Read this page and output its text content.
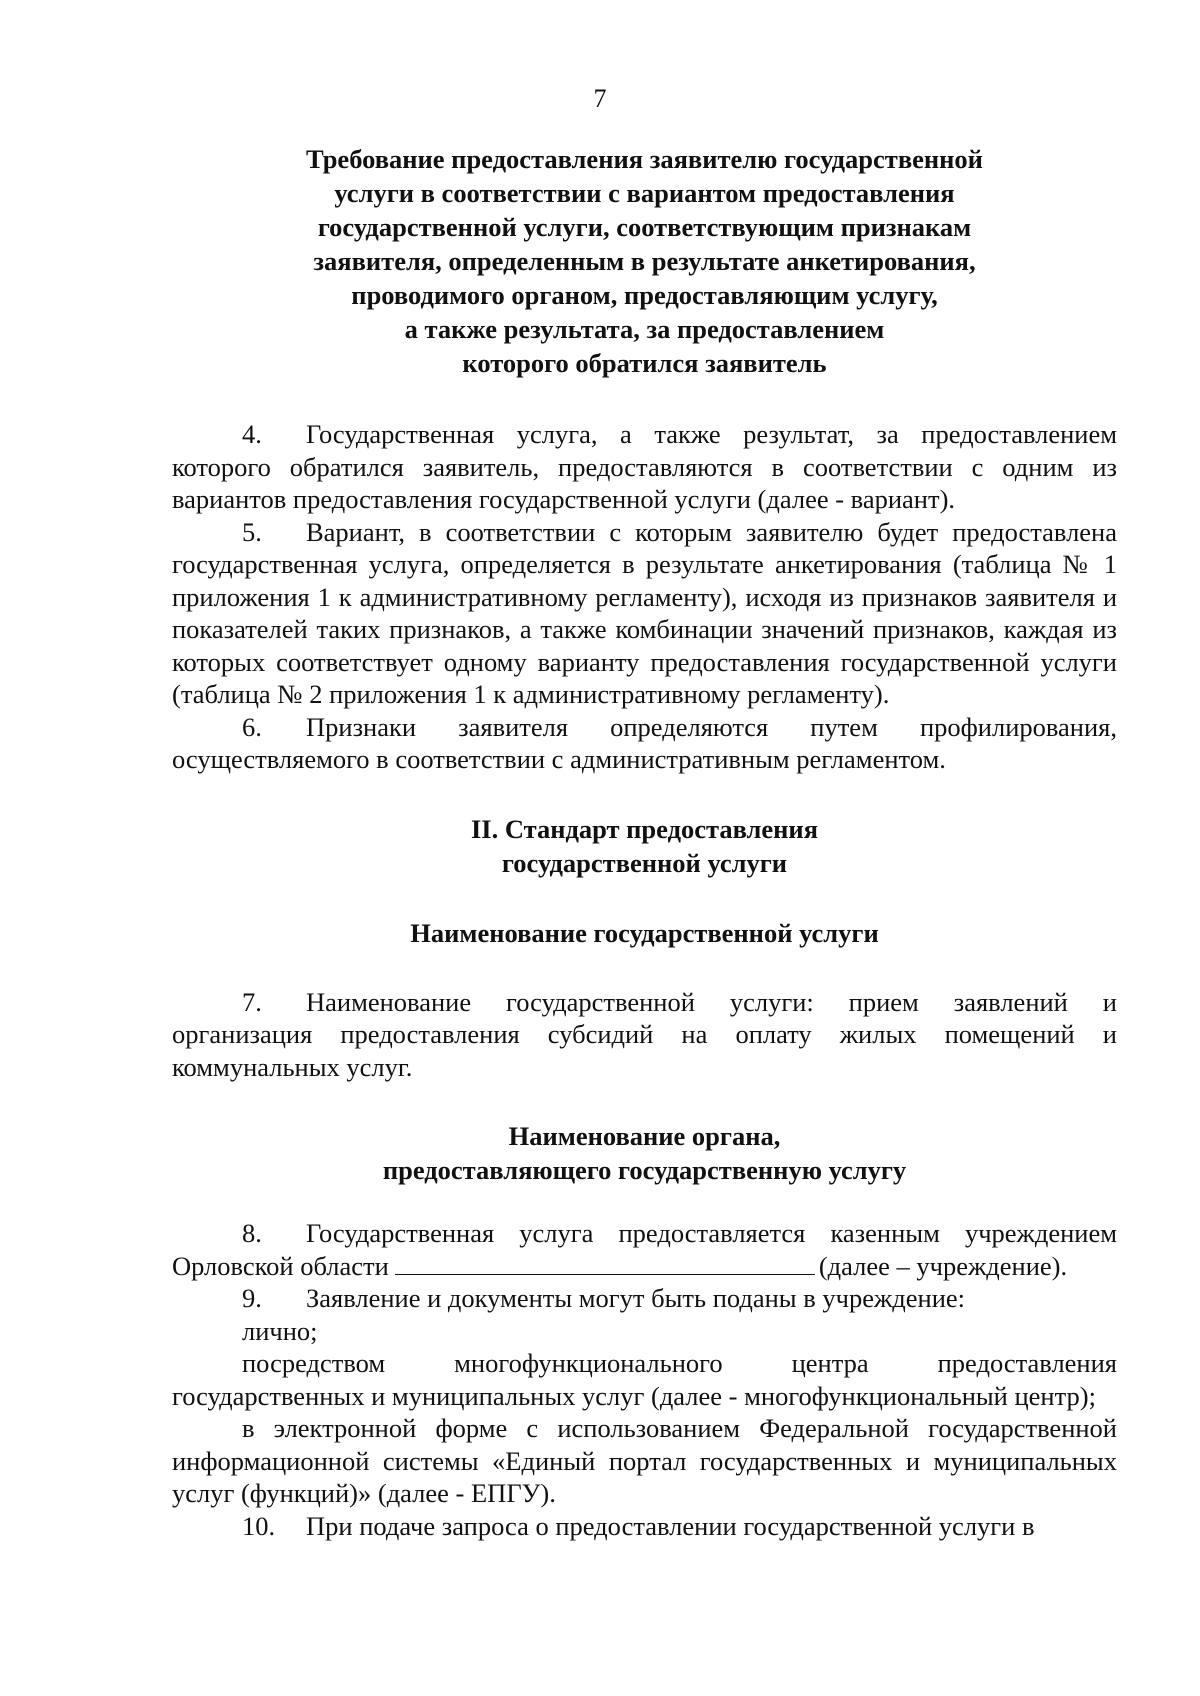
7
Требование предоставления заявителю государственной
услуги в соответствии с вариантом предоставления
государственной услуги, соответствующим признакам
заявителя, определенным в результате анкетирования,
проводимого органом, предоставляющим услугу,
а также результата, за предоставлением
которого обратился заявитель

4. Государственная услуга, а также результат, за предоставлением которого обратился заявитель, предоставляются в соответствии с одним из вариантов предоставления государственной услуги (далее - вариант).

5. Вариант, в соответствии с которым заявителю будет предоставлена государственная услуга, определяется в результате анкетирования (таблица № 1 приложения 1 к административному регламенту), исходя из признаков заявителя и показателей таких признаков, а также комбинации значений признаков, каждая из которых соответствует одному варианту предоставления государственной услуги (таблица № 2 приложения 1 к административному регламенту).

6. Признаки заявителя определяются путем профилирования, осуществляемого в соответствии с административным регламентом.

II. Стандарт предоставления
государственной услуги
Наименование государственной услуги

7. Наименование государственной услуги: прием заявлений и организация предоставления субсидий на оплату жилых помещений и коммунальных услуг.

Наименование органа,
предоставляющего государственную услугу

8. Государственная услуга предоставляется казенным учреждением Орловской области	(далее – учреждение).

9. Заявление и документы могут быть поданы в учреждение:

лично;

посредством многофункционального центра предоставления государственных и муниципальных услуг (далее - многофункциональный центр);

в электронной форме с использованием Федеральной государственной информационной системы «Единый портал государственных и муниципальных услуг (функций)» (далее - ЕПГУ).

10. При подаче запроса о предоставлении государственной услуги в
